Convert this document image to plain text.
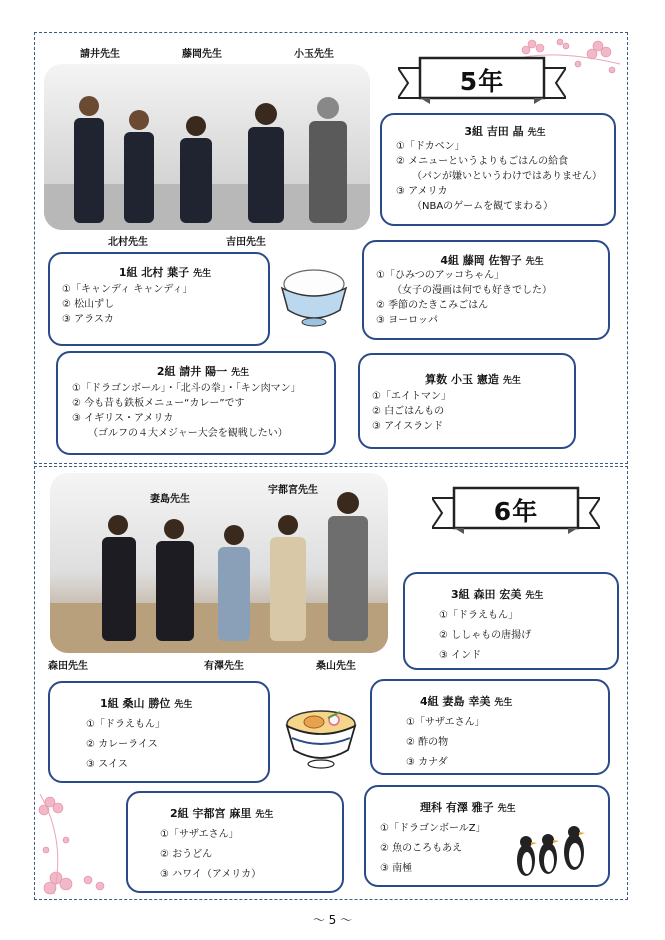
請井先生	藤岡先生	小玉先生
北村先生	吉田先生
5年
3組 吉田 晶 先生
①「ドカベン」
② メニューというよりもごはんの給食
（パンが嫌いというわけではありません）
③ アメリカ
（NBAのゲームを観てまわる）
1組 北村 葉子 先生
①「キャンディ キャンディ」
② 松山ずし
③ アラスカ
4組 藤岡 佐智子 先生
①「ひみつのアッコちゃん」
（女子の漫画は何でも好きでした）
② 季節のたきこみごはん
③ ヨーロッパ
2組 請井 陽一 先生
①「ドラゴンボール」・「北斗の拳」・「キン肉マン」
② 今も昔も鉄板メニュー“カレー”です
③ イギリス・アメリカ
（ゴルフの４大メジャー大会を観戦したい）
算数 小玉 憲造 先生
①「エイトマン」
② 白ごはんもの
③ アイスランド
妻島先生
宇都宮先生
森田先生	有澤先生	桑山先生
6年
3組 森田 宏美 先生
①「ドラえもん」
② ししゃもの唐揚げ
③ インド
1組 桑山 勝位 先生
①「ドラえもん」
② カレーライス
③ スイス
4組 妻島 幸美 先生
①「サザエさん」
② 酢の物
③ カナダ
2組 宇都宮 麻里 先生
①「サザエさん」
② おうどん
③ ハワイ（アメリカ）
理科 有澤 雅子 先生
①「ドラゴンボールZ」
② 魚のころもあえ
③ 南極
～ 5 ～
